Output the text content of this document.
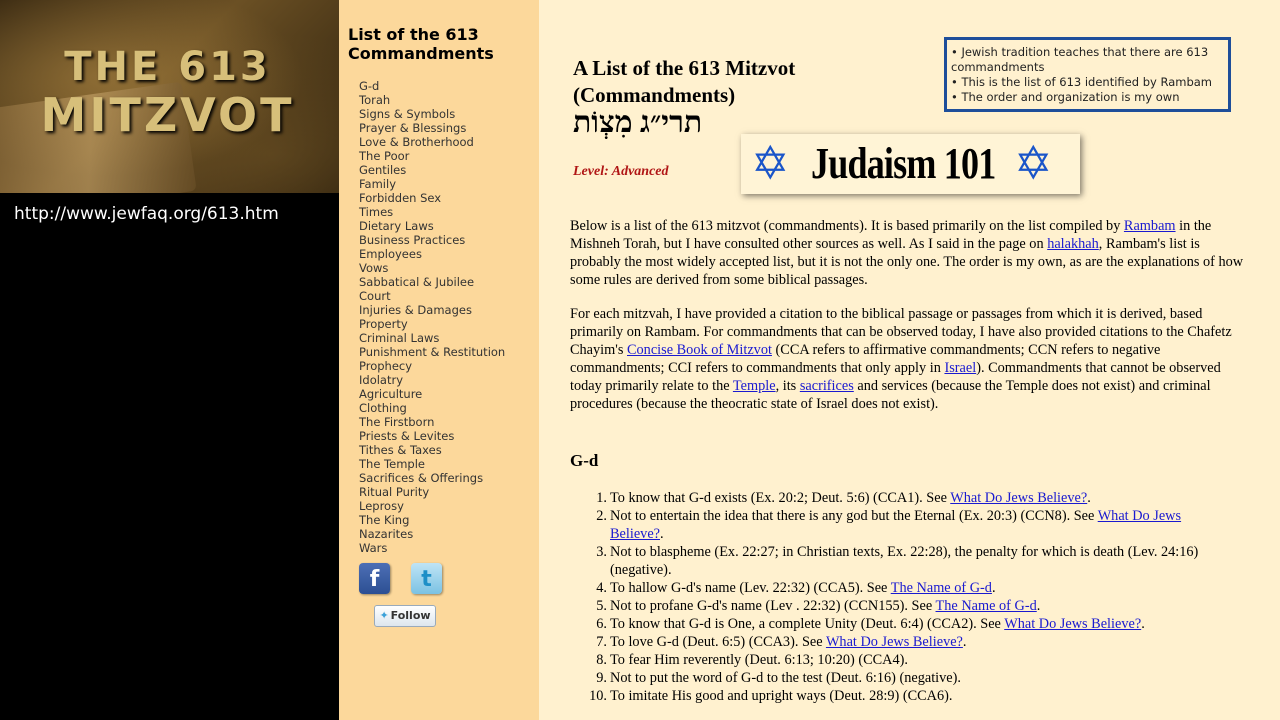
THE 613
MITZVOT
http://www.jewfaq.org/613.htm
List of the 613 Commandments
G-d
Torah
Signs & Symbols
Prayer & Blessings
Love & Brotherhood
The Poor
Gentiles
Family
Forbidden Sex
Times
Dietary Laws
Business Practices
Employees
Vows
Sabbatical & Jubilee
Court
Injuries & Damages
Property
Criminal Laws
Punishment & Restitution
Prophecy
Idolatry
Agriculture
Clothing
The Firstborn
Priests & Levites
Tithes & Taxes
The Temple
Sacrifices & Offerings
Ritual Purity
Leprosy
The King
Nazarites
Wars
f	t
✦ Follow
A List of the 613 Mitzvot (Commandments)
תרי״ג מִצְוֹת
Level: Advanced
• Jewish tradition teaches that there are 613 commandments
• This is the list of 613 identified by Rambam
• The order and organization is my own
✡ Judaism 101 ✡
Below is a list of the 613 mitzvot (commandments). It is based primarily on the list compiled by Rambam in the Mishneh Torah, but I have consulted other sources as well. As I said in the page on halakhah, Rambam's list is probably the most widely accepted list, but it is not the only one. The order is my own, as are the explanations of how some rules are derived from some biblical passages.
For each mitzvah, I have provided a citation to the biblical passage or passages from which it is derived, based primarily on Rambam. For commandments that can be observed today, I have also provided citations to the Chafetz Chayim's Concise Book of Mitzvot (CCA refers to affirmative commandments; CCN refers to negative commandments; CCI refers to commandments that only apply in Israel). Commandments that cannot be observed today primarily relate to the Temple, its sacrifices and services (because the Temple does not exist) and criminal procedures (because the theocratic state of Israel does not exist).
G-d
1. To know that G-d exists (Ex. 20:2; Deut. 5:6) (CCA1). See What Do Jews Believe?.
2. Not to entertain the idea that there is any god but the Eternal (Ex. 20:3) (CCN8). See What Do Jews Believe?.
3. Not to blaspheme (Ex. 22:27; in Christian texts, Ex. 22:28), the penalty for which is death (Lev. 24:16) (negative).
4. To hallow G-d's name (Lev. 22:32) (CCA5). See The Name of G-d.
5. Not to profane G-d's name (Lev . 22:32) (CCN155). See The Name of G-d.
6. To know that G-d is One, a complete Unity (Deut. 6:4) (CCA2). See What Do Jews Believe?.
7. To love G-d (Deut. 6:5) (CCA3). See What Do Jews Believe?.
8. To fear Him reverently (Deut. 6:13; 10:20) (CCA4).
9. Not to put the word of G-d to the test (Deut. 6:16) (negative).
10. To imitate His good and upright ways (Deut. 28:9) (CCA6).
